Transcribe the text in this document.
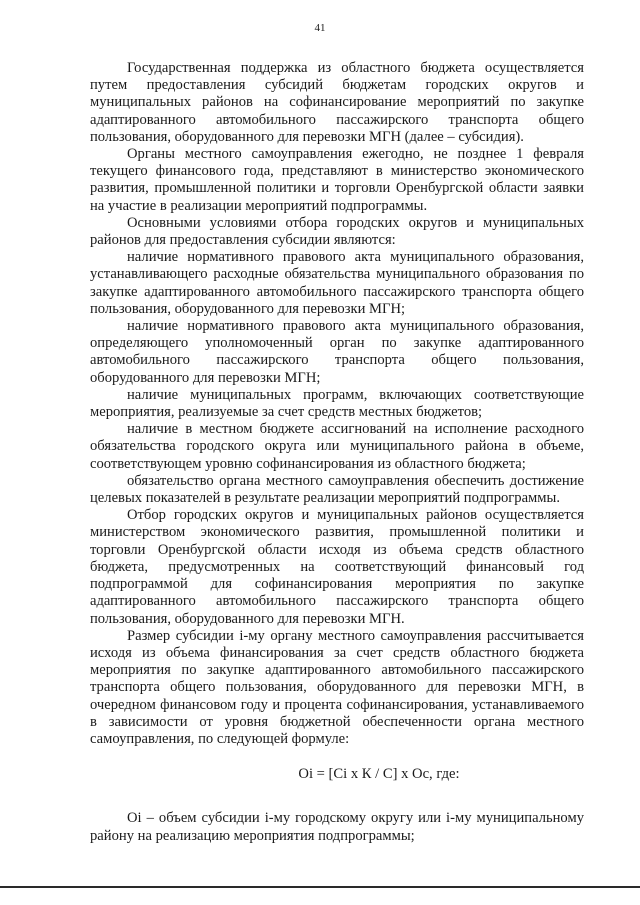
41

Государственная поддержка из областного бюджета осуществляется путем предоставления субсидий бюджетам городских округов и муниципальных районов на софинансирование мероприятий по закупке адаптированного автомобильного пассажирского транспорта общего пользования, оборудованного для перевозки МГН (далее – субсидия).

Органы местного самоуправления ежегодно, не позднее 1 февраля текущего финансового года, представляют в министерство экономического развития, промышленной политики и торговли Оренбургской области заявки на участие в реализации мероприятий подпрограммы.

Основными условиями отбора городских округов и муниципальных районов для предоставления субсидии являются:

наличие нормативного правового акта муниципального образования, устанавливающего расходные обязательства муниципального образования по закупке адаптированного автомобильного пассажирского транспорта общего пользования, оборудованного для перевозки МГН;

наличие нормативного правового акта муниципального образования, определяющего уполномоченный орган по закупке адаптированного автомобильного пассажирского транспорта общего пользования, оборудованного для перевозки МГН;

наличие муниципальных программ, включающих соответствующие мероприятия, реализуемые за счет средств местных бюджетов;

наличие в местном бюджете ассигнований на исполнение расходного обязательства городского округа или муниципального района в объеме, соответствующем уровню софинансирования из областного бюджета;

обязательство органа местного самоуправления обеспечить достижение целевых показателей в результате реализации мероприятий подпрограммы.

Отбор городских округов и муниципальных районов осуществляется министерством экономического развития, промышленной политики и торговли Оренбургской области исходя из объема средств областного бюджета, предусмотренных на соответствующий финансовый год подпрограммой для софинансирования мероприятия по закупке адаптированного автомобильного пассажирского транспорта общего пользования, оборудованного для перевозки МГН.

Размер субсидии i-му органу местного самоуправления рассчитывается исходя из объема финансирования за счет средств областного бюджета мероприятия по закупке адаптированного автомобильного пассажирского транспорта общего пользования, оборудованного для перевозки МГН, в очередном финансовом году и процента софинансирования, устанавливаемого в зависимости от уровня бюджетной обеспеченности органа местного самоуправления, по следующей формуле:

Оi = [Сi х К / С] х Ос, где:

Оi – объем субсидии i-му городскому округу или i-му муниципальному району на реализацию мероприятия подпрограммы;
